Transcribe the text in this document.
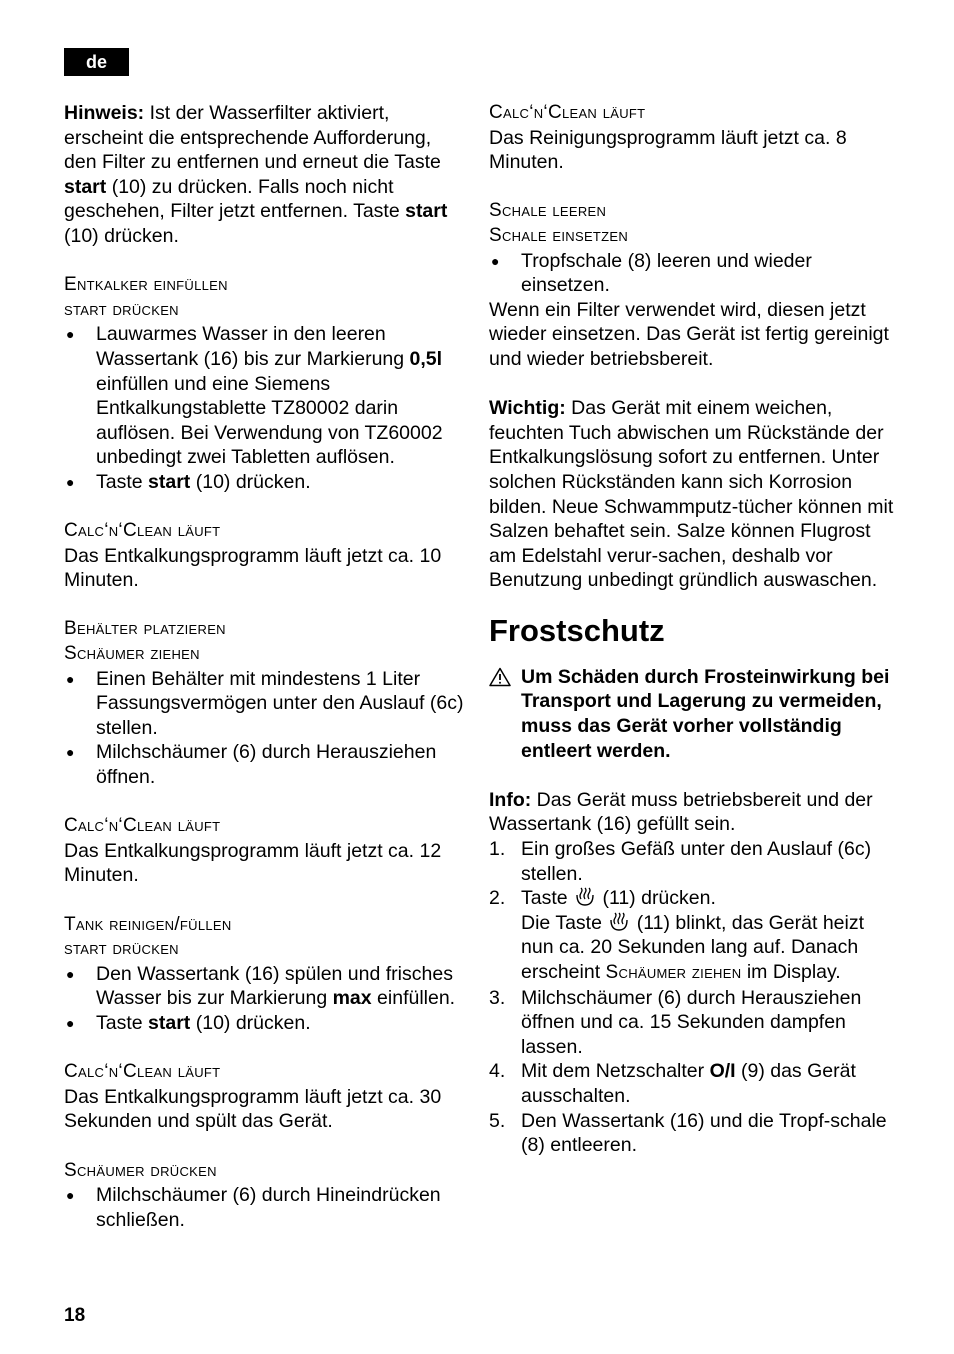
de

Hinweis: Ist der Wasserfilter aktiviert, erscheint die entsprechende Aufforderung, den Filter zu entfernen und erneut die Taste start (10) zu drücken. Falls noch nicht geschehen, Filter jetzt entfernen. Taste start (10) drücken.

Entkalker einfüllen

start drücken

● Lauwarmes Wasser in den leeren Wassertank (16) bis zur Markierung 0,5l einfüllen und eine Siemens Entkalkungstablette TZ80002 darin auflösen. Bei Verwendung von TZ60002 unbedingt zwei Tabletten auflösen.
● Taste start (10) drücken.

Calc‘n‘Clean läuft

Das Entkalkungsprogramm läuft jetzt ca. 10 Minuten.

Behälter platzieren

Schäumer ziehen

● Einen Behälter mit mindestens 1 Liter Fassungsvermögen unter den Auslauf (6c) stellen.
● Milchschäumer (6) durch Herausziehen öffnen.

Calc‘n‘Clean läuft

Das Entkalkungsprogramm läuft jetzt ca. 12 Minuten.

Tank reinigen/füllen

start drücken

● Den Wassertank (16) spülen und frisches Wasser bis zur Markierung max einfüllen.
● Taste start (10) drücken.

Calc‘n‘Clean läuft

Das Entkalkungsprogramm läuft jetzt ca. 30 Sekunden und spült das Gerät.

Schäumer drücken

● Milchschäumer (6) durch Hineindrücken schließen.

Calc‘n‘Clean läuft

Das Reinigungsprogramm läuft jetzt ca. 8 Minuten.

Schale leeren

Schale einsetzen

● Tropfschale (8) leeren und wieder einsetzen.

Wenn ein Filter verwendet wird, diesen jetzt wieder einsetzen. Das Gerät ist fertig gereinigt und wieder betriebsbereit.

Wichtig: Das Gerät mit einem weichen, feuchten Tuch abwischen um Rückstände der Entkalkungslösung sofort zu entfernen. Unter solchen Rückständen kann sich Korrosion bilden. Neue Schwammputz-tücher können mit Salzen behaftet sein. Salze können Flugrost am Edelstahl verur-sachen, deshalb vor Benutzung unbedingt gründlich auswaschen.

Frostschutz
Um Schäden durch Frosteinwirkung bei Transport und Lagerung zu vermeiden, muss das Gerät vorher vollständig entleert werden.

Info: Das Gerät muss betriebsbereit und der Wassertank (16) gefüllt sein.

1. Ein großes Gefäß unter den Auslauf (6c) stellen.
2. Taste  (11) drücken.
Die Taste  (11) blinkt, das Gerät heizt nun ca. 20 Sekunden lang auf. Danach erscheint Schäumer ziehen im Display.
3. Milchschäumer (6) durch Herausziehen öffnen und ca. 15 Sekunden dampfen lassen.
4. Mit dem Netzschalter O/I (9) das Gerät ausschalten.
5. Den Wassertank (16) und die Tropf-schale (8) entleeren.
18
